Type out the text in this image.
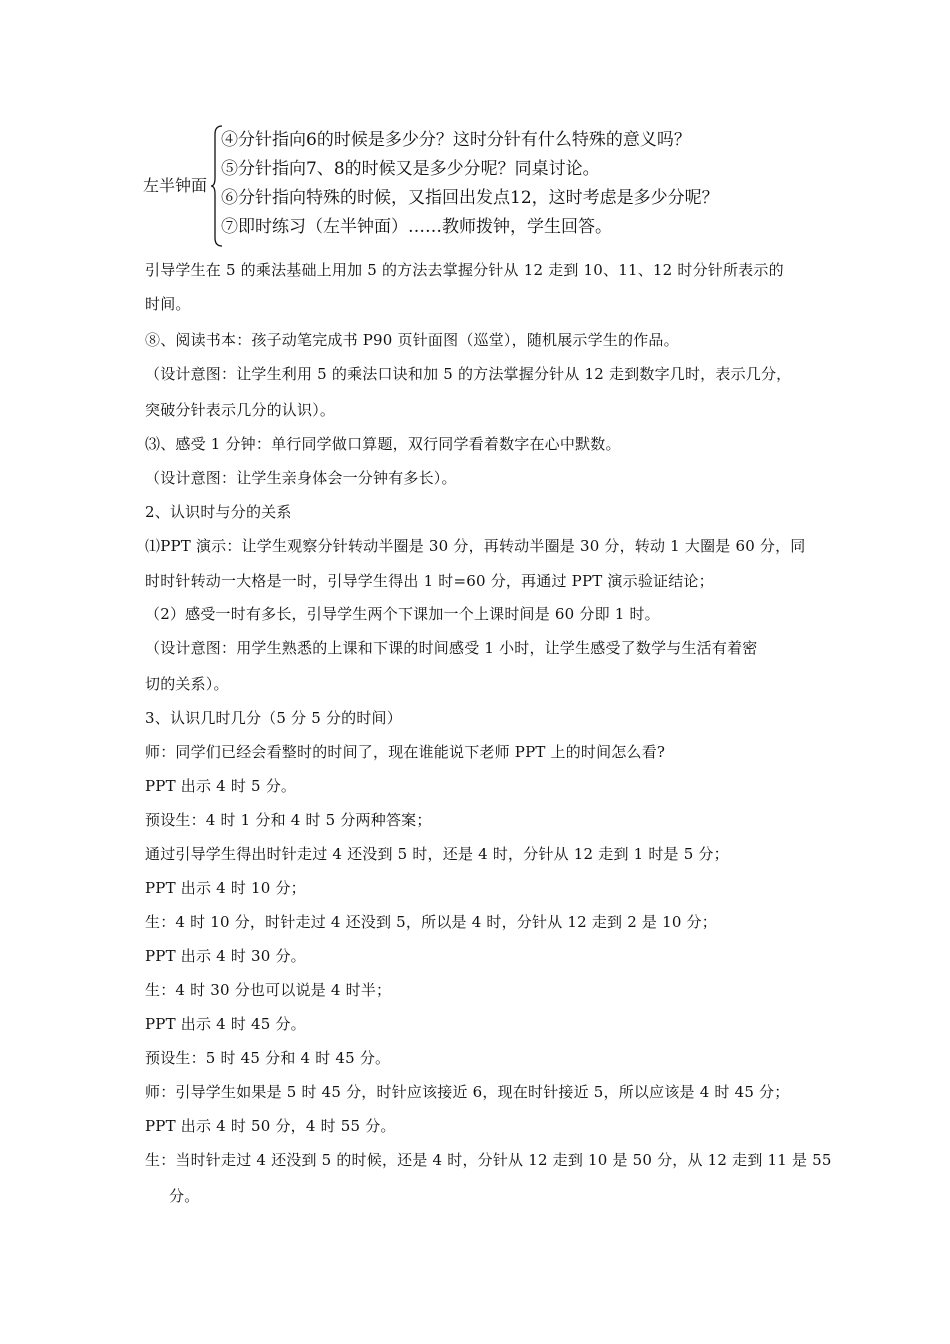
左半钟面
④分针指向6的时候是多少分？这时分针有什么特殊的意义吗？
⑤分针指向7、8的时候又是多少分呢？同桌讨论。
⑥分针指向特殊的时候，又指回出发点12，这时考虑是多少分呢？
⑦即时练习（左半钟面）……教师拨钟，学生回答。
引导学生在 5 的乘法基础上用加 5 的方法去掌握分针从 12 走到 10、11、12 时分针所表示的
时间。
⑧、阅读书本：孩子动笔完成书 P90 页针面图（巡堂），随机展示学生的作品。
（设计意图：让学生利用 5 的乘法口诀和加 5 的方法掌握分针从 12 走到数字几时，表示几分，
突破分针表示几分的认识）。
⑶、感受 1 分钟：单行同学做口算题，双行同学看着数字在心中默数。
（设计意图：让学生亲身体会一分钟有多长）。
2、认识时与分的关系
⑴PPT 演示：让学生观察分针转动半圈是 30 分，再转动半圈是 30 分，转动 1 大圈是 60 分，同
时时针转动一大格是一时，引导学生得出 1 时=60 分，再通过 PPT 演示验证结论；
（2）感受一时有多长，引导学生两个下课加一个上课时间是 60 分即 1 时。
（设计意图：用学生熟悉的上课和下课的时间感受 1 小时，让学生感受了数学与生活有着密
切的关系）。
3、认识几时几分（5 分 5 分的时间）
师：同学们已经会看整时的时间了，现在谁能说下老师 PPT 上的时间怎么看?
PPT 出示 4 时 5 分。
预设生：4 时 1 分和 4 时 5 分两种答案；
通过引导学生得出时针走过 4 还没到 5 时，还是 4 时，分针从 12 走到 1 时是 5 分；
PPT 出示 4 时 10 分；
生：4 时 10 分，时针走过 4 还没到 5，所以是 4 时，分针从 12 走到 2 是 10 分；
PPT 出示 4 时 30 分。
生：4 时 30 分也可以说是 4 时半；
PPT 出示 4 时 45 分。
预设生：5 时 45 分和 4 时 45 分。
师：引导学生如果是 5 时 45 分，时针应该接近 6，现在时针接近 5，所以应该是 4 时 45 分；
PPT 出示 4 时 50 分，4 时 55 分。
生：当时针走过 4 还没到 5 的时候，还是 4 时，分针从 12 走到 10 是 50 分，从 12 走到 11 是 55
分。
